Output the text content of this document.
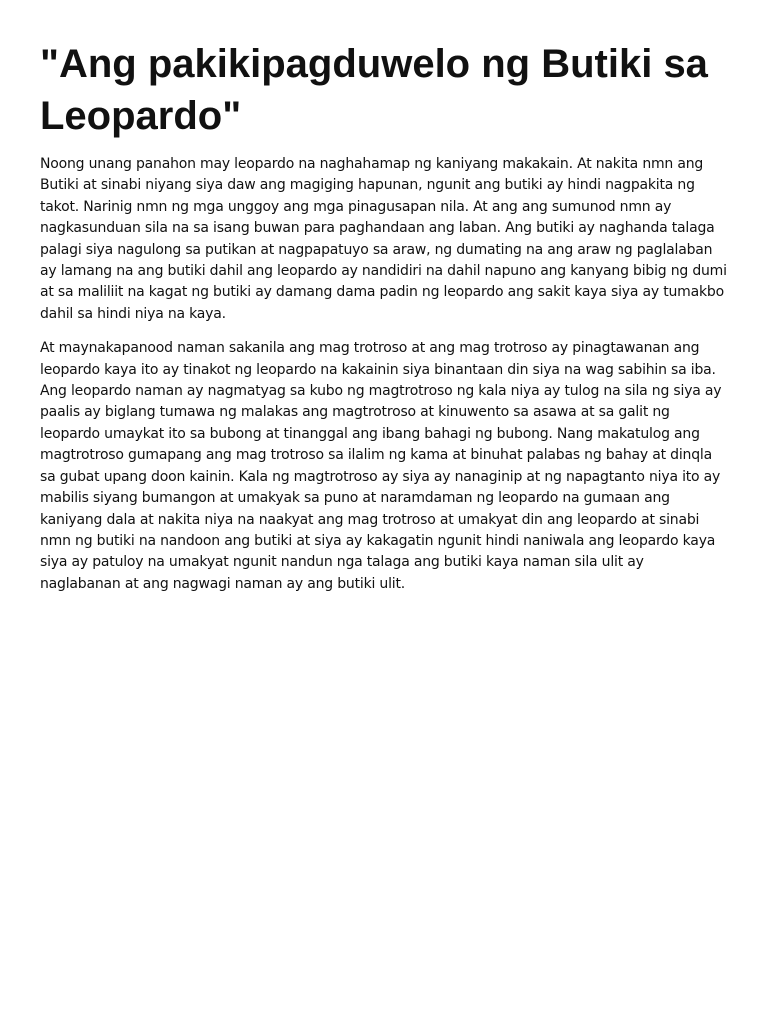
"Ang pakikipagduwelo ng Butiki sa Leopardo"

Noong unang panahon may leopardo na naghahamap ng kaniyang makakain. At nakita nmn ang Butiki at sinabi niyang siya daw ang magiging hapunan, ngunit ang butiki ay hindi nagpakita ng takot. Narinig nmn ng mga unggoy ang mga pinagusapan nila. At ang ang sumunod nmn ay nagkasunduan sila na sa isang buwan para paghandaan ang laban. Ang butiki ay naghanda talaga palagi siya nagulong sa putikan at nagpapatuyo sa araw, ng dumating na ang araw ng paglalaban ay lamang na ang butiki dahil ang leopardo ay nandidiri na dahil napuno ang kanyang bibig ng dumi at sa maliliit na kagat ng butiki ay damang dama padin ng leopardo ang sakit kaya siya ay tumakbo dahil sa hindi niya na kaya.

At maynakapanood naman sakanila ang mag trotroso at ang mag trotroso ay pinagtawanan ang leopardo kaya ito ay tinakot ng leopardo na kakainin siya binantaan din siya na wag sabihin sa iba. Ang leopardo naman ay nagmatyag sa kubo ng magtrotroso ng kala niya ay tulog na sila ng siya ay paalis ay biglang tumawa ng malakas ang magtrotroso at kinuwento sa asawa at sa galit ng leopardo umaykat ito sa bubong at tinanggal ang ibang bahagi ng bubong. Nang makatulog ang magtrotroso gumapang ang mag trotroso sa ilalim ng kama at binuhat palabas ng bahay at dinqla sa gubat upang doon kainin. Kala ng magtrotroso ay siya ay nanaginip at ng napagtanto niya ito ay mabilis siyang bumangon at umakyak sa puno at naramdaman ng leopardo na gumaan ang kaniyang dala at nakita niya na naakyat ang mag trotroso at umakyat din ang leopardo at sinabi nmn ng butiki na nandoon ang butiki at siya ay kakagatin ngunit hindi naniwala ang leopardo kaya siya ay patuloy na umakyat ngunit nandun nga talaga ang butiki kaya naman sila ulit ay naglabanan at ang nagwagi naman ay ang butiki ulit.
